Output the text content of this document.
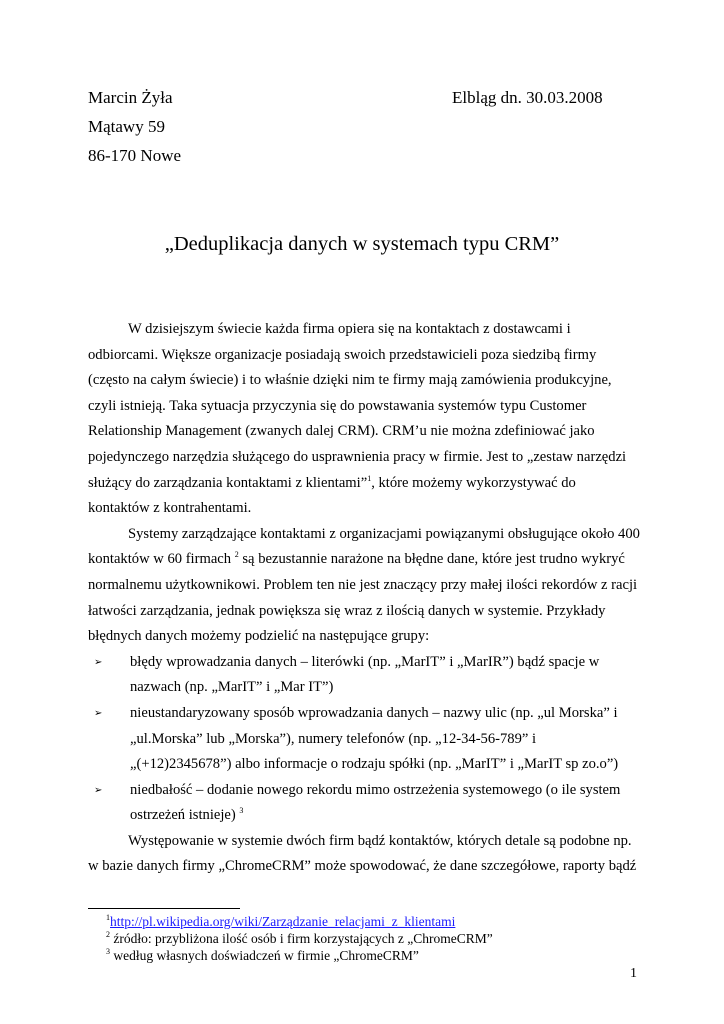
Marcin Żyła	Elbląg dn. 30.03.2008
Mątawy 59
86-170 Nowe
„Deduplikacja danych w systemach typu CRM”

W dzisiejszym świecie każda firma opiera się na kontaktach z dostawcami i odbiorcami. Większe organizacje posiadają swoich przedstawicieli poza siedzibą firmy (często na całym świecie) i to właśnie dzięki nim te firmy mają zamówienia produkcyjne, czyli istnieją. Taka sytuacja przyczynia się do powstawania systemów typu Customer Relationship Management (zwanych dalej CRM). CRM’u nie można zdefiniować jako pojedynczego narzędzia służącego do usprawnienia pracy w firmie. Jest to „zestaw narzędzi służący do zarządzania kontaktami z klientami”$^1$, które możemy wykorzystywać do kontaktów z kontrahentami.

Systemy zarządzające kontaktami z organizacjami powiązanymi obsługujące około 400 kontaktów w 60 firmach $^2$ są bezustannie narażone na błędne dane, które jest trudno wykryć normalnemu użytkownikowi. Problem ten nie jest znaczący przy małej ilości rekordów z racji łatwości zarządzania, jednak powiększa się wraz z ilością danych w systemie. Przykłady błędnych danych możemy podzielić na następujące grupy:

➢ błędy wprowadzania danych – literówki (np. „MarIT” i „MarIR”) bądź spacje w nazwach (np. „MarIT” i „Mar IT”)
➢ nieustandaryzowany sposób wprowadzania danych – nazwy ulic (np. „ul Morska” i „ul.Morska” lub „Morska”), numery telefonów (np. „12-34-56-789” i „(+12)2345678”) albo informacje o rodzaju spółki (np. „MarIT” i „MarIT sp zo.o”)
➢ niedbałość – dodanie nowego rekordu mimo ostrzeżenia systemowego (o ile system ostrzeżeń istnieje) $^3$

Występowanie w systemie dwóch firm bądź kontaktów, których detale są podobne np. w bazie danych firmy „ChromeCRM” może spowodować, że dane szczegółowe, raporty bądź

$^1$http://pl.wikipedia.org/wiki/Zarządzanie_relacjami_z_klientami
$^2$ źródło: przybliżona ilość osób i firm korzystających z „ChromeCRM”
$^3$ według własnych doświadczeń w firmie „ChromeCRM”
1
